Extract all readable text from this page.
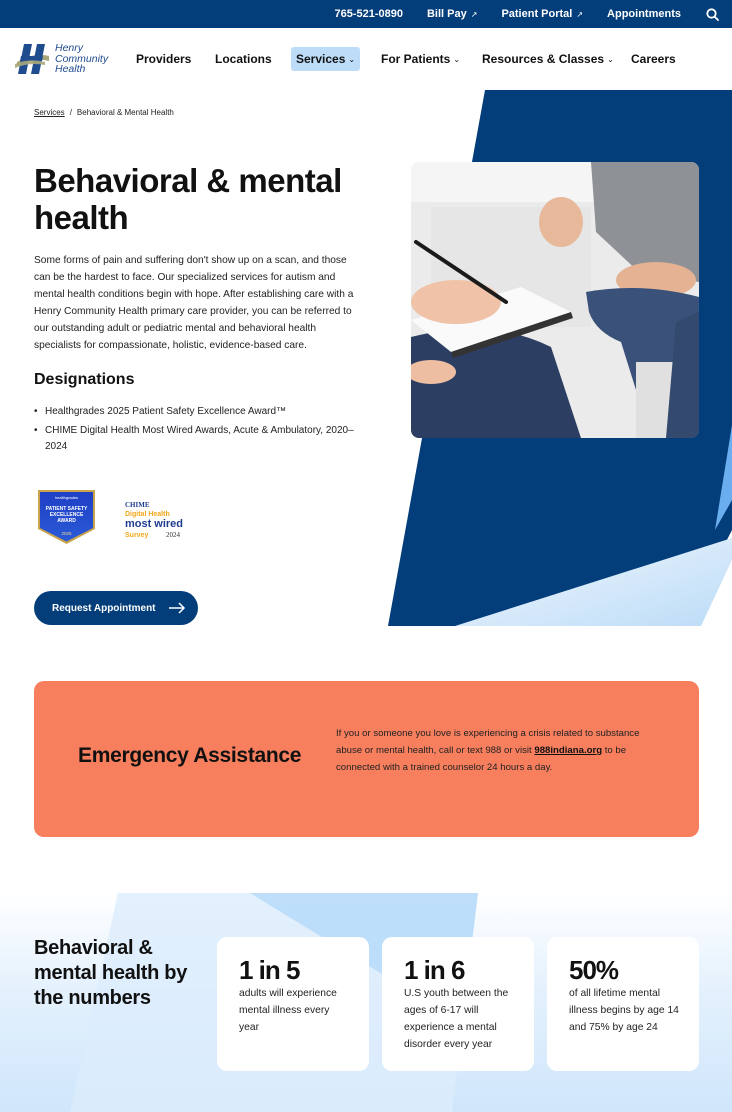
765-521-0890 Bill Pay ↗ Patient Portal ↗ Appointments
Henry
Community
Health
Providers Locations Services ⌄ For Patients ⌄ Resources & Classes ⌄ Careers
Services / Behavioral & Mental Health
Behavioral & mental health

Some forms of pain and suffering don't show up on a scan, and those can be the hardest to face. Our specialized services for autism and mental health conditions begin with hope. After establishing care with a Henry Community Health primary care provider, you can be referred to our outstanding adult or pediatric mental and behavioral health specialists for compassionate, holistic, evidence-based care.

Designations
• Healthgrades 2025 Patient Safety Excellence Award™
• CHIME Digital Health Most Wired Awards, Acute & Ambulatory, 2020–2024
healthgrades
PATIENT SAFETY
EXCELLENCE
AWARD
2025
CHIME
Digital Health
most wired
Survey	2024
Request Appointment
Emergency Assistance

If you or someone you love is experiencing a crisis related to substance abuse or mental health, call or text 988 or visit 988indiana.org to be connected with a trained counselor 24 hours a day.

Behavioral & mental health by the numbers
1 in 5
adults will experience mental illness every year
1 in 6
U.S youth between the ages of 6-17 will experience a mental disorder every year
50%
of all lifetime mental illness begins by age 14 and 75% by age 24
